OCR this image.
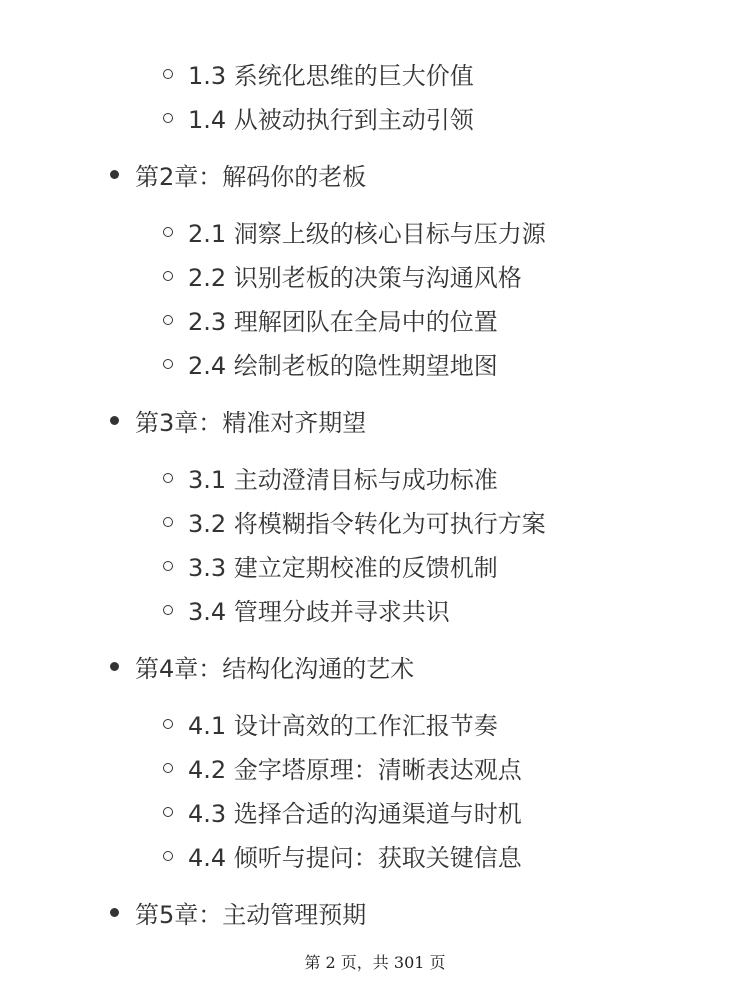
1.3 系统化思维的巨大价值
1.4 从被动执行到主动引领
第2章：解码你的老板
2.1 洞察上级的核心目标与压力源
2.2 识别老板的决策与沟通风格
2.3 理解团队在全局中的位置
2.4 绘制老板的隐性期望地图
第3章：精准对齐期望
3.1 主动澄清目标与成功标准
3.2 将模糊指令转化为可执行方案
3.3 建立定期校准的反馈机制
3.4 管理分歧并寻求共识
第4章：结构化沟通的艺术
4.1 设计高效的工作汇报节奏
4.2 金字塔原理：清晰表达观点
4.3 选择合适的沟通渠道与时机
4.4 倾听与提问：获取关键信息
第5章：主动管理预期
第 2 页，共 301 页
